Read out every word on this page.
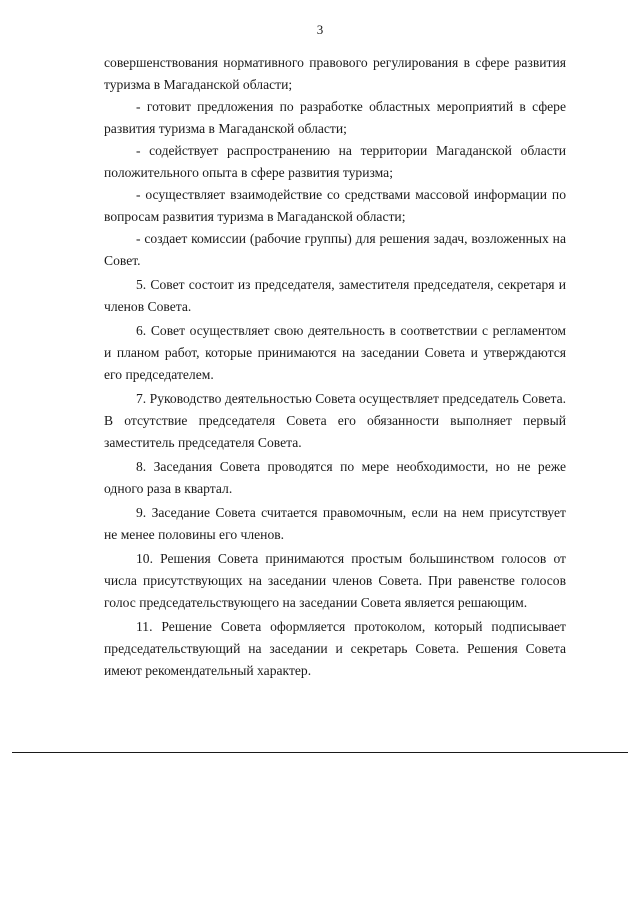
3

совершенствования нормативного правового регулирования в сфере развития туризма в Магаданской области;

- готовит предложения по разработке областных мероприятий в сфере развития туризма в Магаданской области;

- содействует распространению на территории Магаданской области положительного опыта в сфере развития туризма;

- осуществляет взаимодействие со средствами массовой информации по вопросам развития туризма в Магаданской области;

- создает комиссии (рабочие группы) для решения задач, возложенных на Совет.

5. Совет состоит из председателя, заместителя председателя, секретаря и членов Совета.

6. Совет осуществляет свою деятельность в соответствии с регламентом и планом работ, которые принимаются на заседании Совета и утверждаются его председателем.

7. Руководство деятельностью Совета осуществляет председатель Совета. В отсутствие председателя Совета его обязанности выполняет первый заместитель председателя Совета.

8. Заседания Совета проводятся по мере необходимости, но не реже одного раза в квартал.

9. Заседание Совета считается правомочным, если на нем присутствует не менее половины его членов.

10. Решения Совета принимаются простым большинством голосов от числа присутствующих на заседании членов Совета. При равенстве голосов голос председательствующего на заседании Совета является решающим.

11. Решение Совета оформляется протоколом, который подписывает председательствующий на заседании и секретарь Совета. Решения Совета имеют рекомендательный характер.
